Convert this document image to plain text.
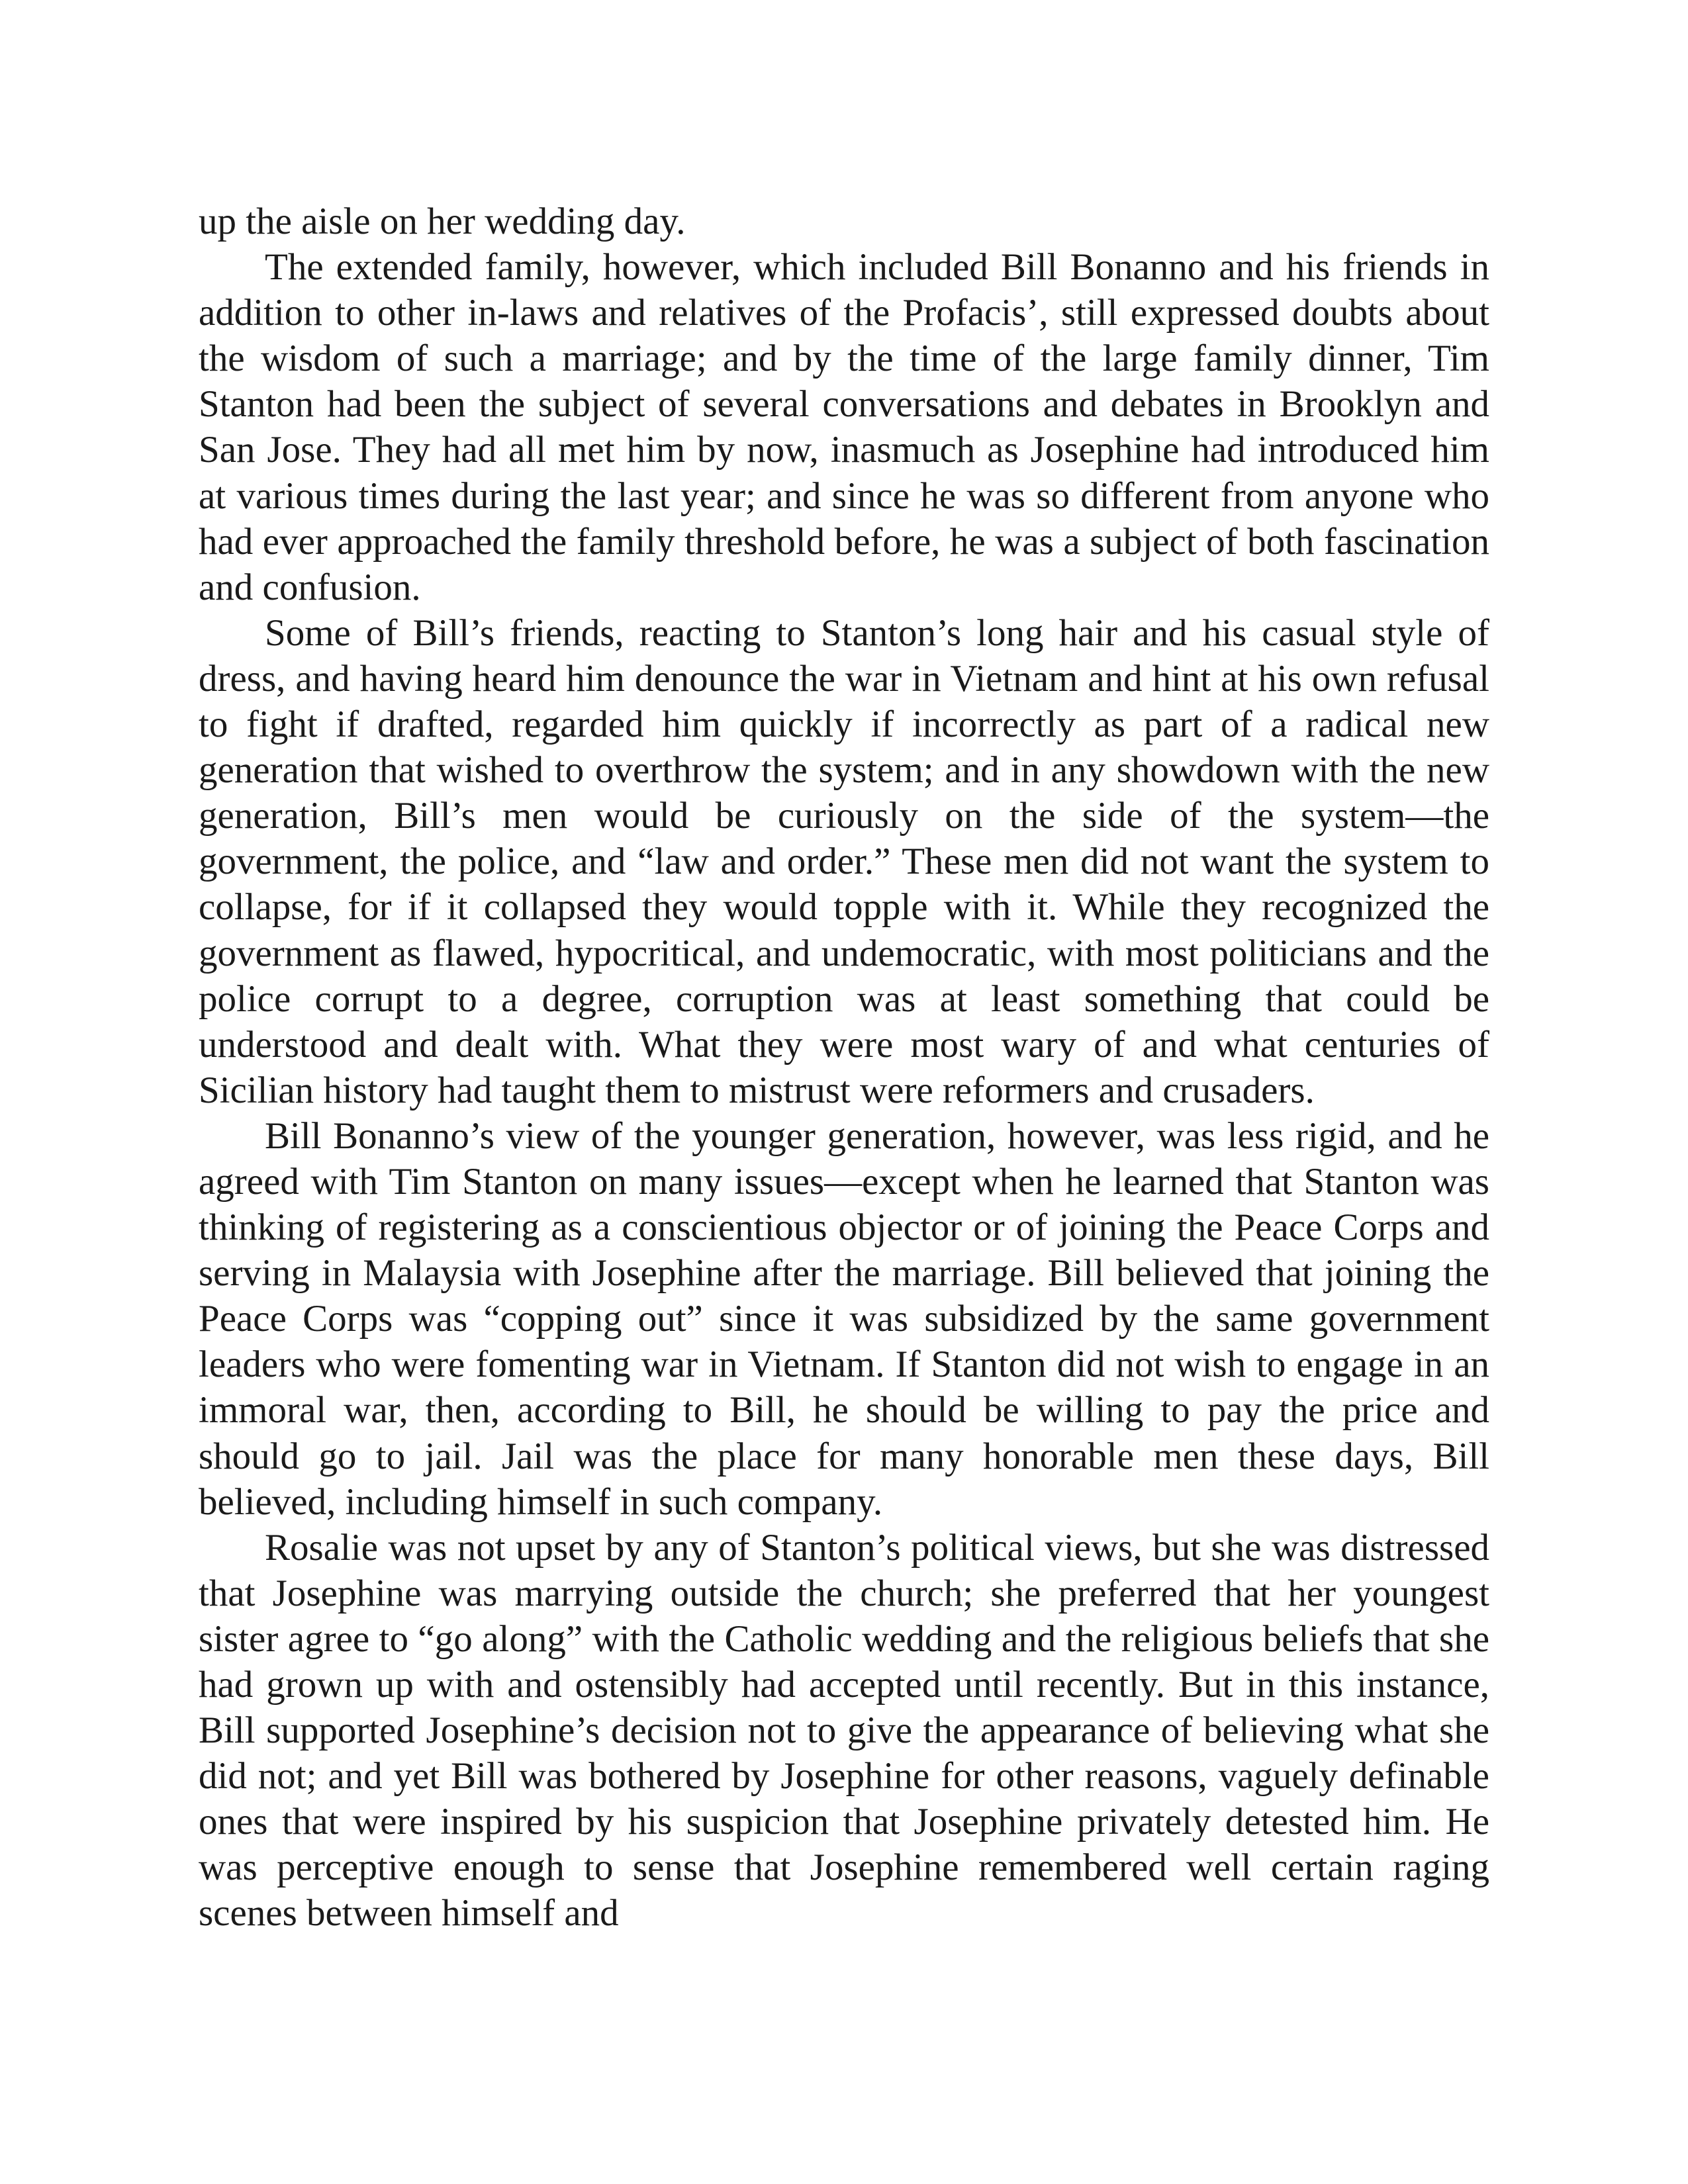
up the aisle on her wedding day.

The extended family, however, which included Bill Bonanno and his friends in addition to other in-laws and relatives of the Profacis’, still expressed doubts about the wisdom of such a marriage; and by the time of the large family dinner, Tim Stanton had been the subject of several conversations and debates in Brooklyn and San Jose. They had all met him by now, inasmuch as Josephine had introduced him at various times during the last year; and since he was so different from anyone who had ever approached the family threshold before, he was a subject of both fascination and confusion.

Some of Bill’s friends, reacting to Stanton’s long hair and his casual style of dress, and having heard him denounce the war in Vietnam and hint at his own refusal to fight if drafted, regarded him quickly if incorrectly as part of a radical new generation that wished to overthrow the system; and in any showdown with the new generation, Bill’s men would be curiously on the side of the system—the government, the police, and “law and order.” These men did not want the system to collapse, for if it collapsed they would topple with it. While they recognized the government as flawed, hypocritical, and undemocratic, with most politicians and the police corrupt to a degree, corruption was at least something that could be understood and dealt with. What they were most wary of and what centuries of Sicilian history had taught them to mistrust were reformers and crusaders.

Bill Bonanno’s view of the younger generation, however, was less rigid, and he agreed with Tim Stanton on many issues—except when he learned that Stanton was thinking of registering as a conscientious objector or of joining the Peace Corps and serving in Malaysia with Josephine after the marriage. Bill believed that joining the Peace Corps was “copping out” since it was subsidized by the same government leaders who were fomenting war in Vietnam. If Stanton did not wish to engage in an immoral war, then, according to Bill, he should be willing to pay the price and should go to jail. Jail was the place for many honorable men these days, Bill believed, including himself in such company.

Rosalie was not upset by any of Stanton’s political views, but she was distressed that Josephine was marrying outside the church; she preferred that her youngest sister agree to “go along” with the Catholic wedding and the religious beliefs that she had grown up with and ostensibly had accepted until recently. But in this instance, Bill supported Josephine’s decision not to give the appearance of believing what she did not; and yet Bill was bothered by Josephine for other reasons, vaguely definable ones that were inspired by his suspicion that Josephine privately detested him. He was perceptive enough to sense that Josephine remembered well certain raging scenes between himself and
